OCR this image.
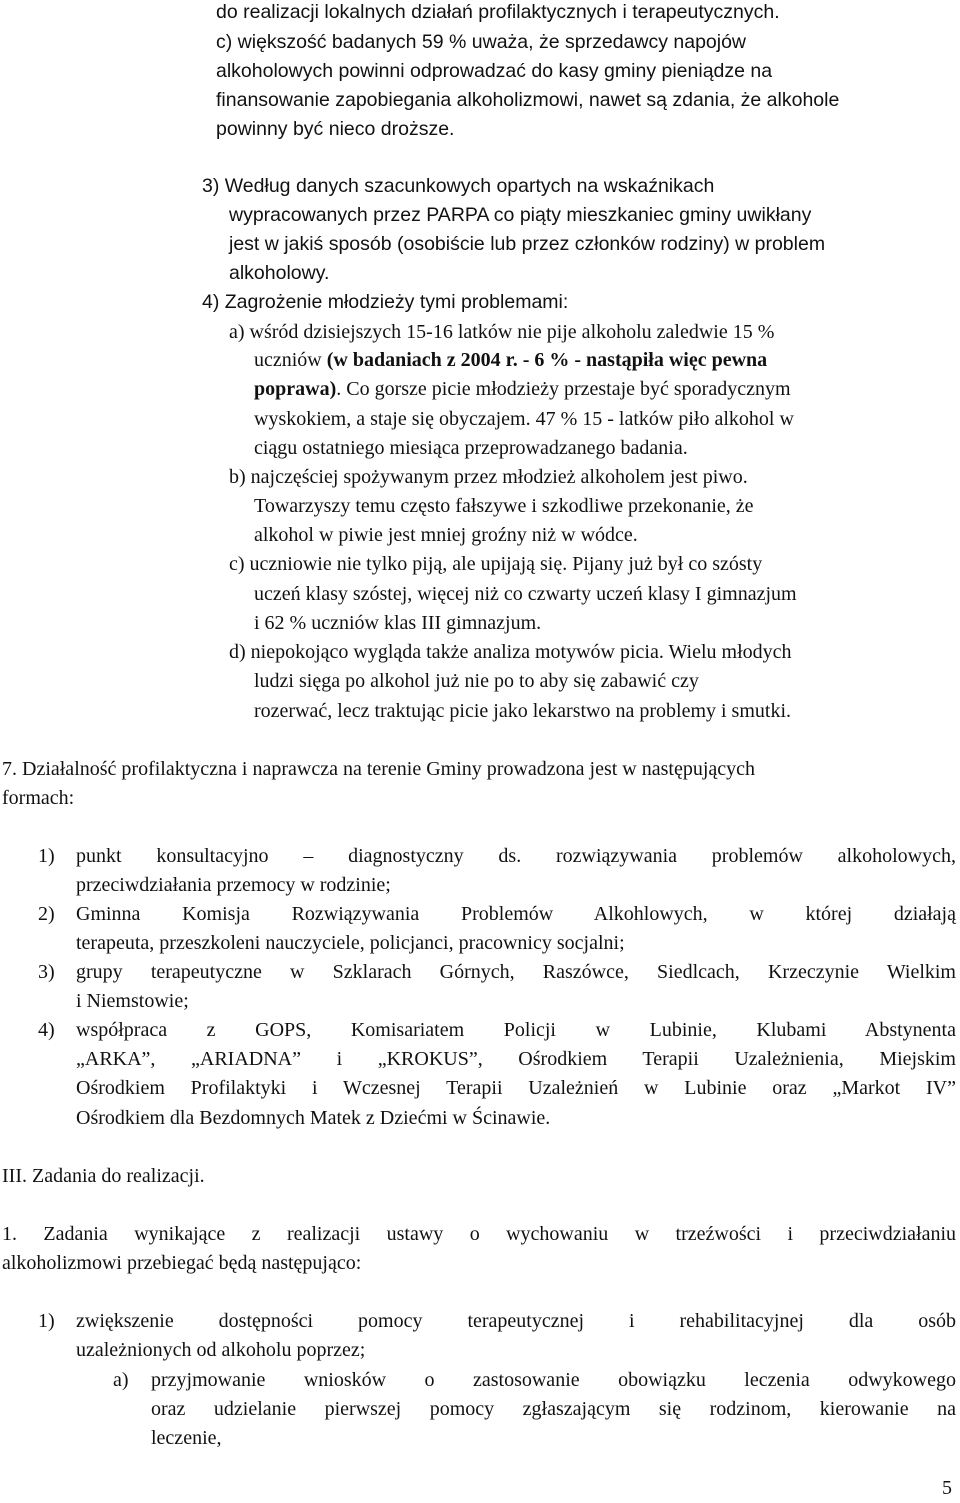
do realizacji lokalnych działań profilaktycznych i terapeutycznych.
c) większość badanych 59 % uważa, że sprzedawcy napojów
alkoholowych powinni odprowadzać do kasy gminy pieniądze na
finansowanie zapobiegania alkoholizmowi, nawet są zdania, że alkohole
powinny być nieco droższe.
3) Według danych szacunkowych opartych na wskaźnikach
wypracowanych przez PARPA co piąty mieszkaniec gminy uwikłany
jest w jakiś sposób (osobiście lub przez członków rodziny) w problem
alkoholowy.
4) Zagrożenie młodzieży tymi problemami:
a) wśród dzisiejszych 15-16 latków nie pije alkoholu zaledwie 15 %
uczniów (w badaniach z 2004 r. - 6 % - nastąpiła więc pewna
poprawa). Co gorsze picie młodzieży przestaje być sporadycznym
wyskokiem, a staje się obyczajem. 47 % 15 - latków piło alkohol w
ciągu ostatniego miesiąca przeprowadzanego badania.
b) najczęściej spożywanym przez młodzież alkoholem jest piwo.
Towarzyszy temu często fałszywe i szkodliwe przekonanie, że
alkohol w piwie jest mniej groźny niż w wódce.
c) uczniowie nie tylko piją, ale upijają się. Pijany już był co szósty
uczeń klasy szóstej, więcej niż co czwarty uczeń klasy I gimnazjum
i 62 % uczniów klas III gimnazjum.
d) niepokojąco wygląda także analiza motywów picia. Wielu młodych
ludzi sięga po alkohol już nie po to aby się zabawić czy
rozerwać, lecz traktując picie jako lekarstwo na problemy i smutki.
7. Działalność profilaktyczna i naprawcza na terenie Gminy prowadzona jest w następujących
formach:
1) punkt konsultacyjno – diagnostyczny ds. rozwiązywania problemów alkoholowych,
przeciwdziałania przemocy w rodzinie;
2) Gminna Komisja Rozwiązywania Problemów Alkohlowych, w której działają
terapeuta, przeszkoleni nauczyciele, policjanci, pracownicy socjalni;
3) grupy terapeutyczne w Szklarach Górnych, Raszówce, Siedlcach, Krzeczynie Wielkim
i Niemstowie;
4) współpraca z GOPS, Komisariatem Policji w Lubinie, Klubami Abstynenta
„ARKA”, „ARIADNA” i „KROKUS”, Ośrodkiem Terapii Uzależnienia, Miejskim
Ośrodkiem Profilaktyki i Wczesnej Terapii Uzależnień w Lubinie oraz „Markot IV”
Ośrodkiem dla Bezdomnych Matek z Dziećmi w Ścinawie.
III. Zadania do realizacji.
1. Zadania wynikające z realizacji ustawy o wychowaniu w trzeźwości i przeciwdziałaniu
alkoholizmowi przebiegać będą następująco:
1) zwiększenie dostępności pomocy terapeutycznej i rehabilitacyjnej dla osób
uzależnionych od alkoholu poprzez;
a) przyjmowanie wniosków o zastosowanie obowiązku leczenia odwykowego
oraz udzielanie pierwszej pomocy zgłaszającym się rodzinom, kierowanie na
leczenie,
5
